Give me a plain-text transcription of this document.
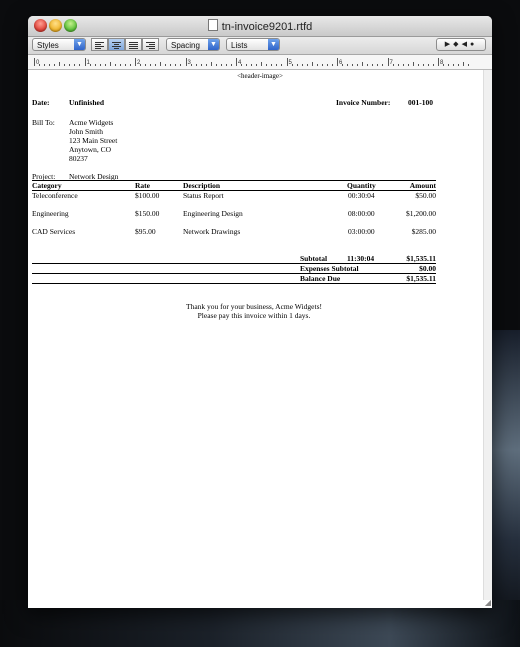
tn-invoice9201.rtfd
Styles ▼	Spacing ▼	Lists	▼	▶◆◀●
0	1	2	3	4	5	6	7	8
<header-image>
Date:	Unfinished	Invoice Number: 001-100
Bill To: Acme Widgets
John Smith
123 Main Street
Anytown, CO
80237
Project: Network Design
Category	Rate	Description	Quantity	Amount
Teleconference	$100.00	Status Report	00:30:04	$50.00
Engineering	$150.00	Engineering Design	08:00:00	$1,200.00
CAD Services	$95.00	Network Drawings	03:00:00	$285.00
Subtotal	11:30:04	$1,535.11
Expenses Subtotal	$0.00
Balance Due	$1,535.11
Thank you for your business, Acme Widgets!
Please pay this invoice within 1 days.
◢
